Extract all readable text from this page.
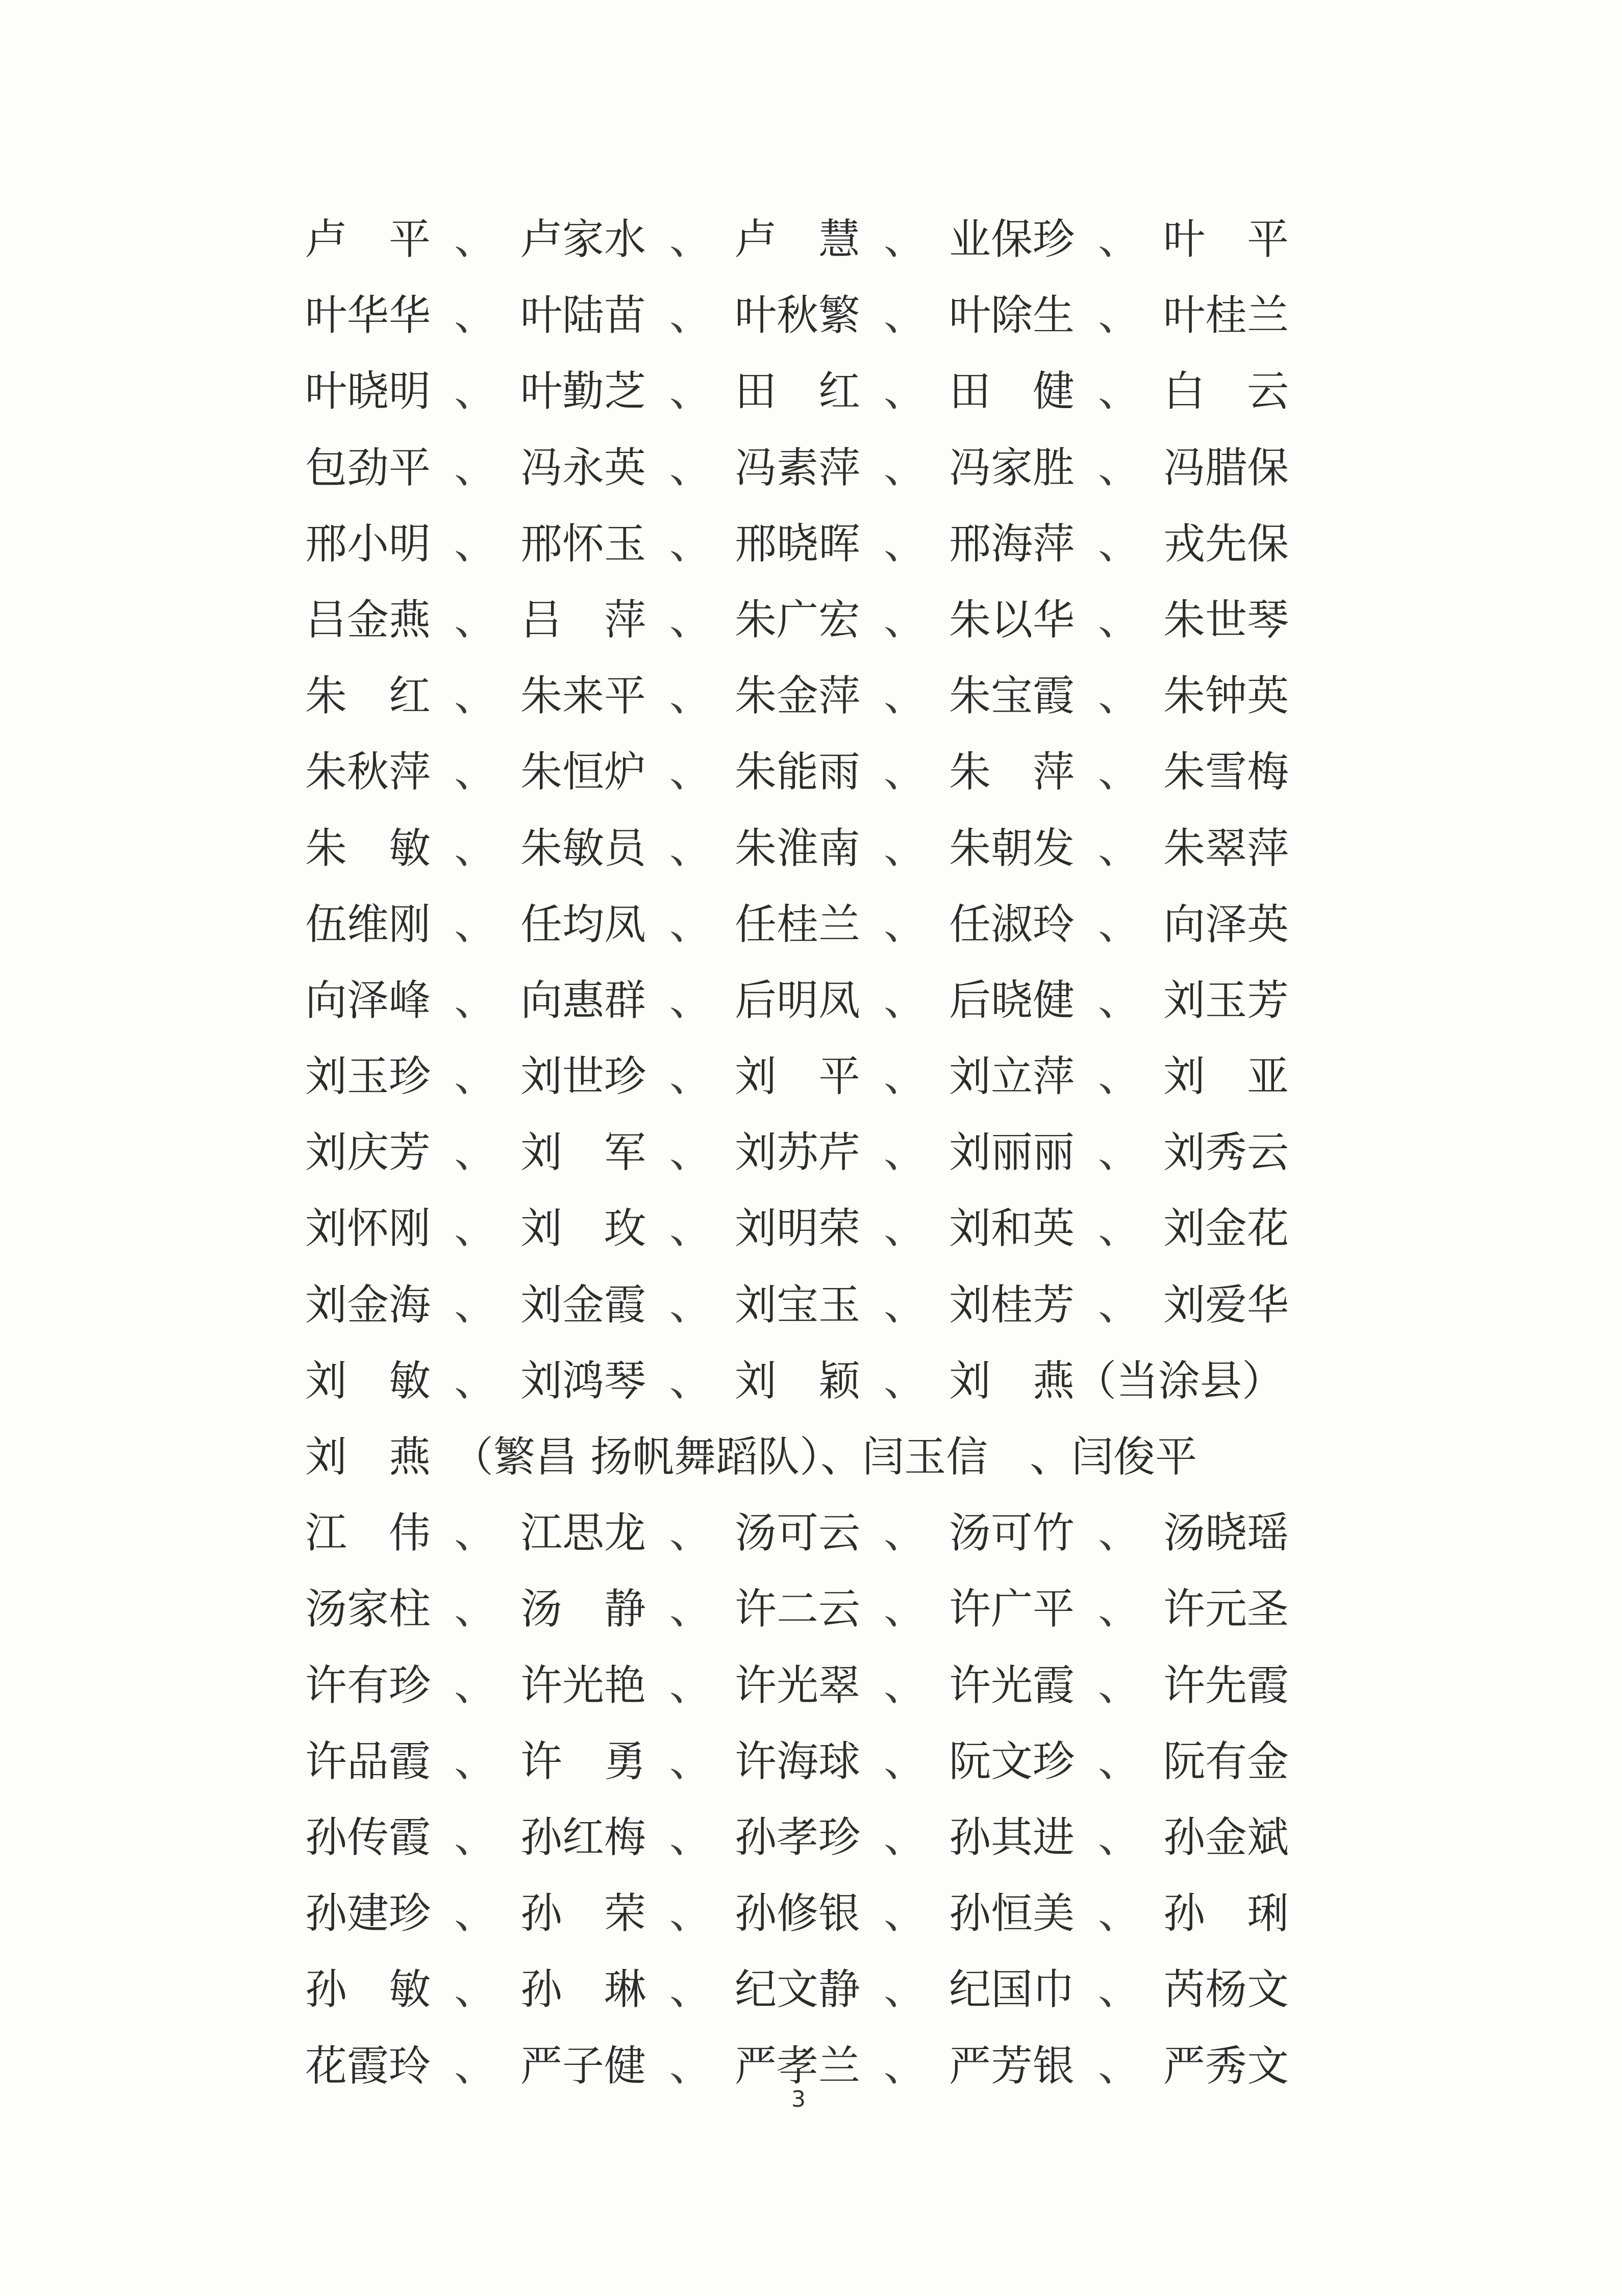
卢　平 、 卢家水 、 卢　慧 、 业保珍 、 叶　平
叶华华 、 叶陆苗 、 叶秋繁 、 叶除生 、 叶桂兰
叶晓明 、 叶勤芝 、 田　红 、 田　健 、 白　云
包劲平 、 冯永英 、 冯素萍 、 冯家胜 、 冯腊保
邢小明 、 邢怀玉 、 邢晓晖 、 邢海萍 、 戎先保
吕金燕 、 吕　萍 、 朱广宏 、 朱以华 、 朱世琴
朱　红 、 朱来平 、 朱金萍 、 朱宝霞 、 朱钟英
朱秋萍 、 朱恒炉 、 朱能雨 、 朱　萍 、 朱雪梅
朱　敏 、 朱敏员 、 朱淮南 、 朱朝发 、 朱翠萍
伍维刚 、 任均凤 、 任桂兰 、 任淑玲 、 向泽英
向泽峰 、 向惠群 、 后明凤 、 后晓健 、 刘玉芳
刘玉珍 、 刘世珍 、 刘　平 、 刘立萍 、 刘　亚
刘庆芳 、 刘　军 、 刘苏芹 、 刘丽丽 、 刘秀云
刘怀刚 、 刘　玫 、 刘明荣 、 刘和英 、 刘金花
刘金海 、 刘金霞 、 刘宝玉 、 刘桂芳 、 刘爱华
刘　敏 、 刘鸿琴 、 刘　颖 、 刘　燕（当涂县）
刘　燕　（繁昌 扬帆舞蹈队）、闫玉信　、闫俊平
江　伟 、 江思龙 、 汤可云 、 汤可竹 、 汤晓瑶
汤家柱 、 汤　静 、 许二云 、 许广平 、 许元圣
许有珍 、 许光艳 、 许光翠 、 许光霞 、 许先霞
许品霞 、 许　勇 、 许海球 、 阮文珍 、 阮有金
孙传霞 、 孙红梅 、 孙孝珍 、 孙其进 、 孙金斌
孙建珍 、 孙　荣 、 孙修银 、 孙恒美 、 孙　琍
孙　敏 、 孙　琳 、 纪文静 、 纪国巾 、 芮杨文
花霞玲 、 严子健 、 严孝兰 、 严芳银 、 严秀文
3
